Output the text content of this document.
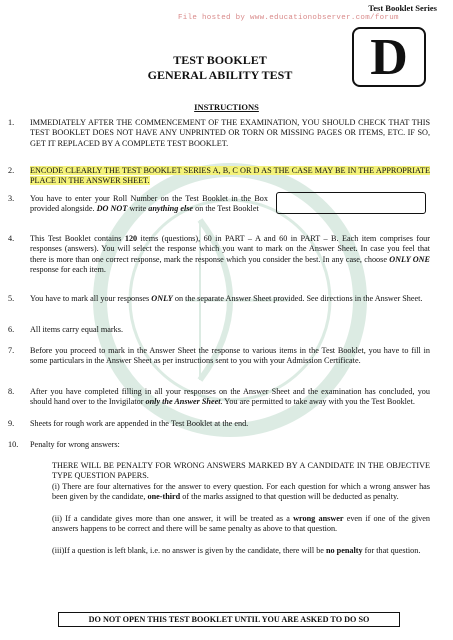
Test Booklet Series
File hosted by www.educationobserver.com/forum
D
TEST BOOKLET
GENERAL ABILITY TEST
INSTRUCTIONS
1. IMMEDIATELY AFTER THE COMMENCEMENT OF THE EXAMINATION, YOU SHOULD CHECK THAT THIS TEST BOOKLET DOES NOT HAVE ANY UNPRINTED OR TORN OR MISSING PAGES OR ITEMS, ETC. IF SO, GET IT REPLACED BY A COMPLETE TEST BOOKLET.
2. ENCODE CLEARLY THE TEST BOOKLET SERIES A, B, C OR D AS THE CASE MAY BE IN THE APPROPRIATE PLACE IN THE ANSWER SHEET.
3. You have to enter your Roll Number on the Test Booklet in the Box provided alongside. DO NOT write anything else on the Test Booklet
4. This Test Booklet contains 120 items (questions), 60 in PART – A and 60 in PART – B. Each item comprises four responses (answers). You will select the response which you want to mark on the Answer Sheet. In case you feel that there is more than one correct response, mark the response which you consider the best. In any case, choose ONLY ONE response for each item.
5. You have to mark all your responses ONLY on the separate Answer Sheet provided. See directions in the Answer Sheet.
6. All items carry equal marks.
7. Before you proceed to mark in the Answer Sheet the response to various items in the Test Booklet, you have to fill in some particulars in the Answer Sheet as per instructions sent to you with your Admission Certificate.
8. After you have completed filling in all your responses on the Answer Sheet and the examination has concluded, you should hand over to the Invigilator only the Answer Sheet. You are permitted to take away with you the Test Booklet.
9. Sheets for rough work are appended in the Test Booklet at the end.
10. Penalty for wrong answers:
THERE WILL BE PENALTY FOR WRONG ANSWERS MARKED BY A CANDIDATE IN THE OBJECTIVE TYPE QUESTION PAPERS.
(i) There are four alternatives for the answer to every question. For each question for which a wrong answer has been given by the candidate, one-third of the marks assigned to that question will be deducted as penalty.
(ii) If a candidate gives more than one answer, it will be treated as a wrong answer even if one of the given answers happens to be correct and there will be same penalty as above to that question.
(iii)If a question is left blank, i.e. no answer is given by the candidate, there will be no penalty for that question.
DO NOT OPEN THIS TEST BOOKLET UNTIL YOU ARE ASKED TO DO SO
